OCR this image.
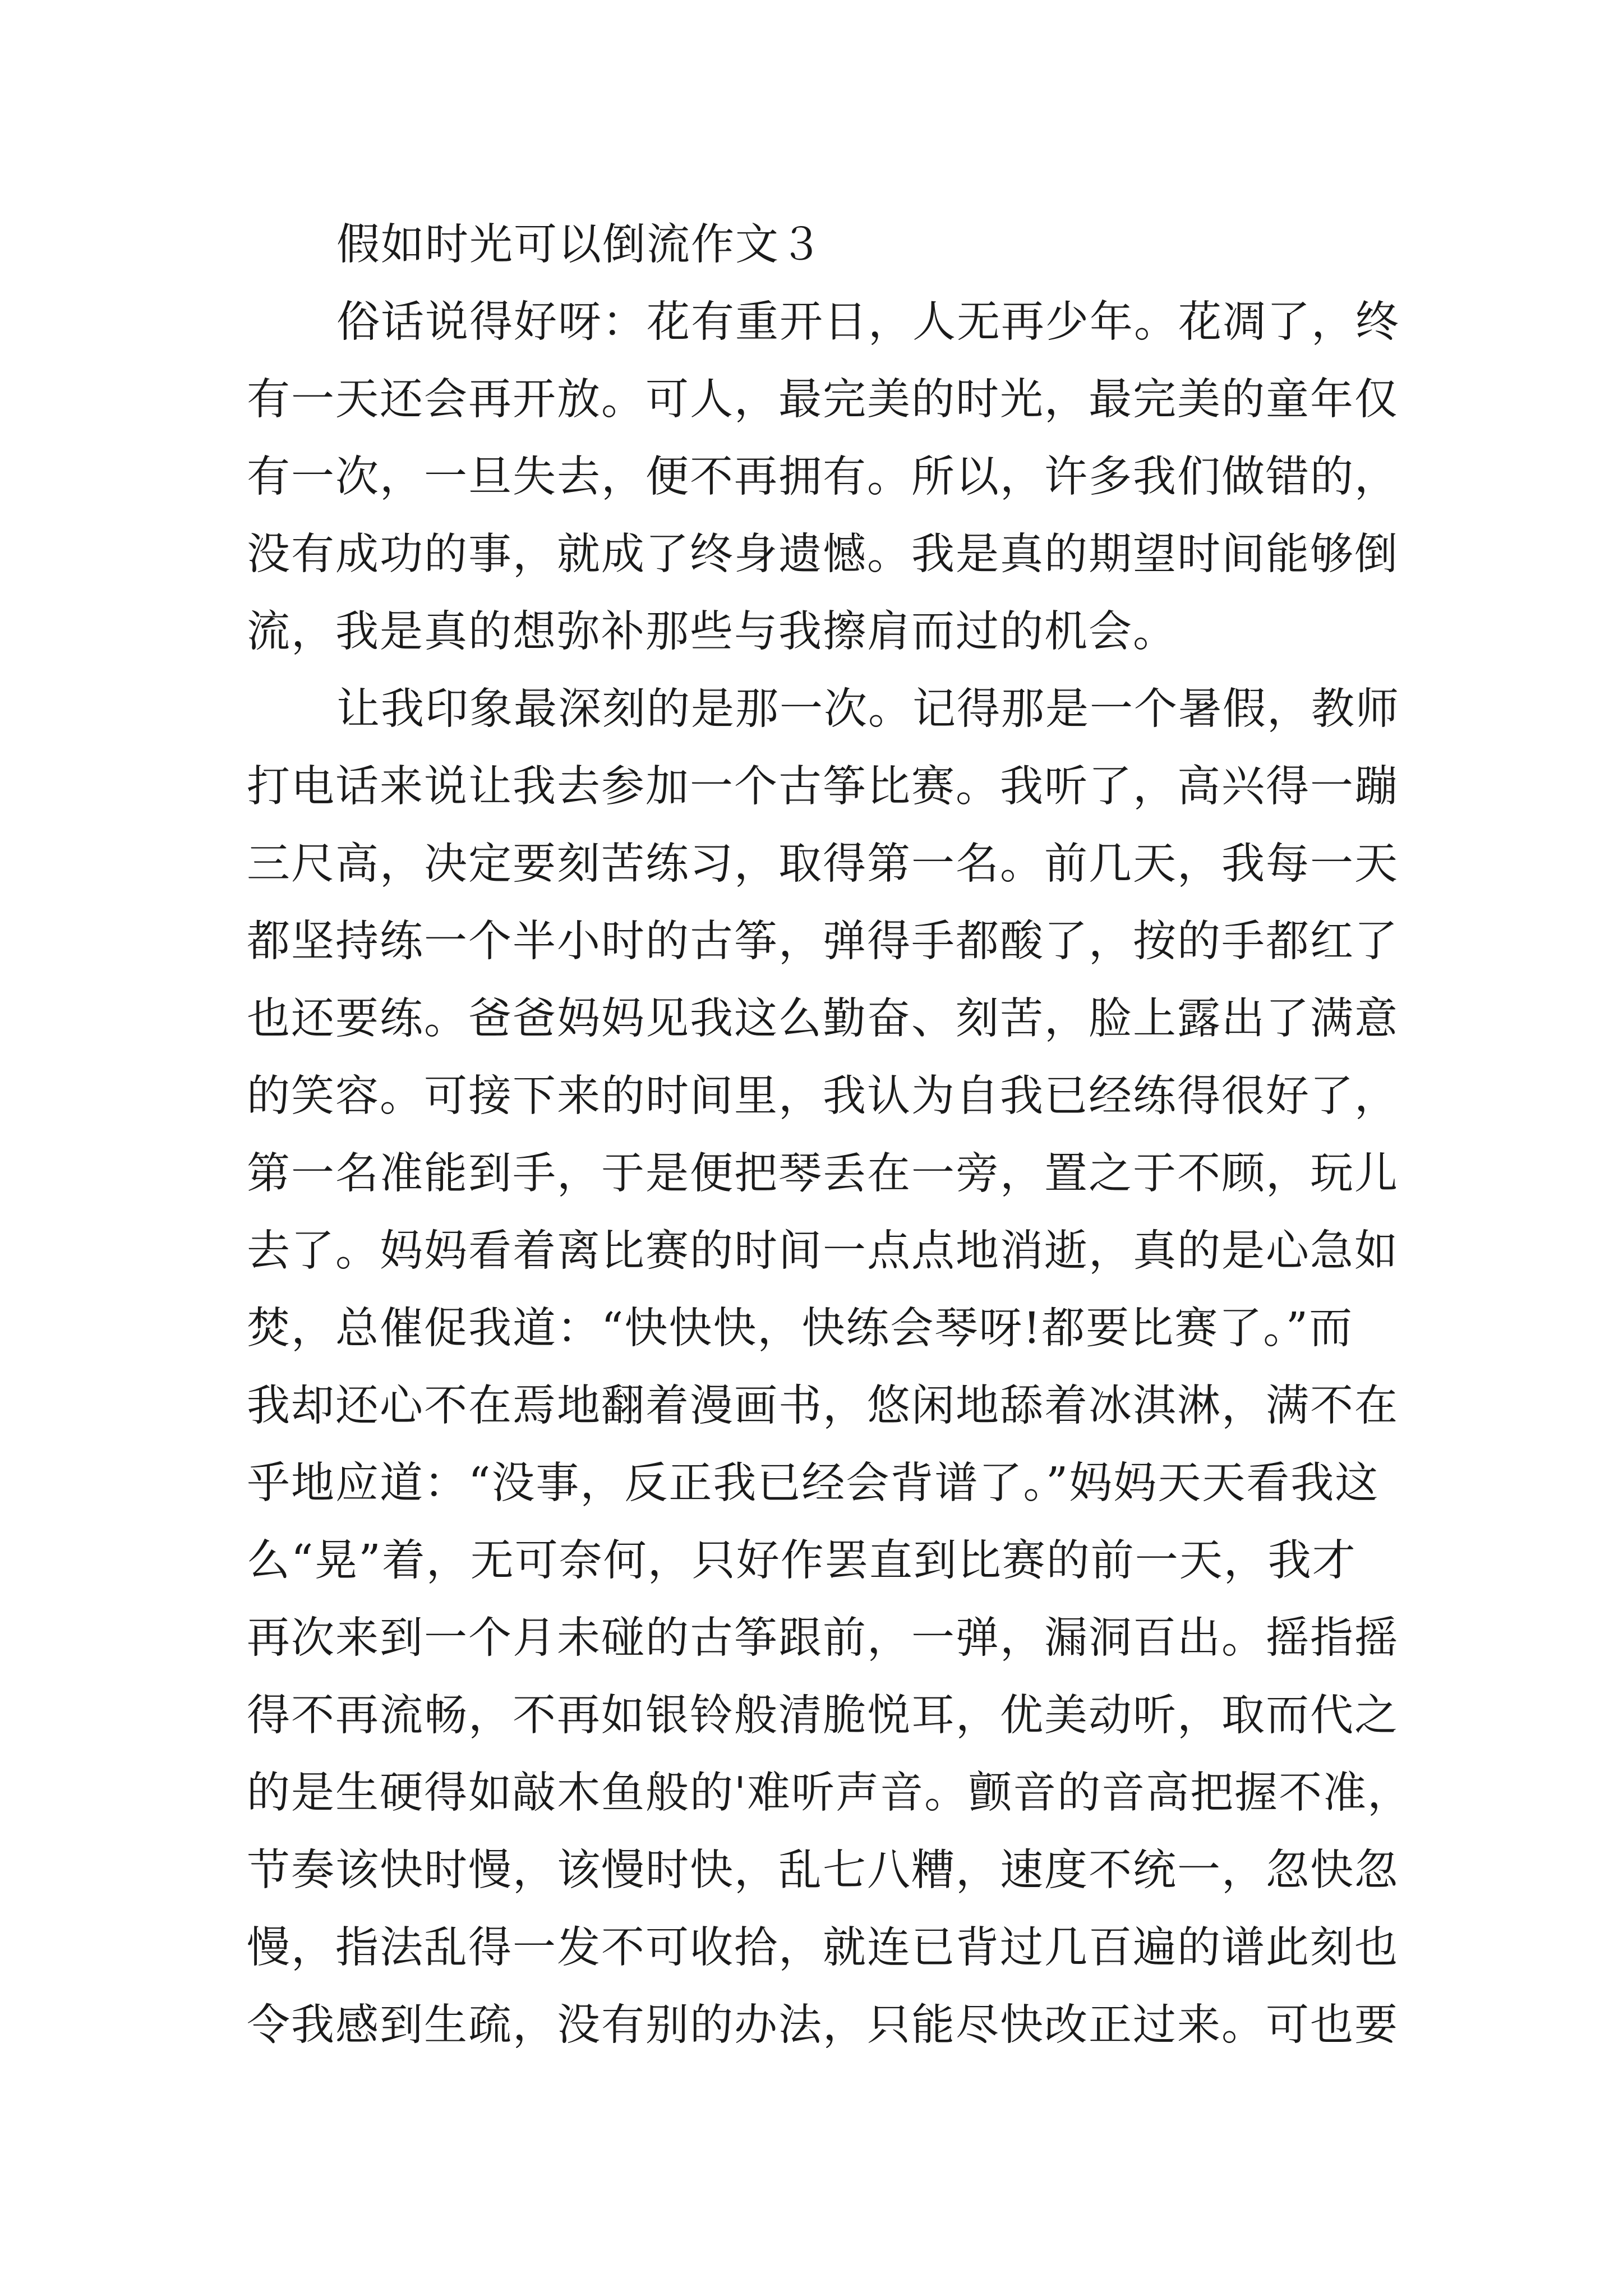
假如时光可以倒流作文３
俗话说得好呀：花有重开日，人无再少年。花凋了，终
有一天还会再开放。可人，最完美的时光，最完美的童年仅
有一次，一旦失去，便不再拥有。所以，许多我们做错的，
没有成功的事，就成了终身遗憾。我是真的期望时间能够倒
流，我是真的想弥补那些与我擦肩而过的机会。
让我印象最深刻的是那一次。记得那是一个暑假，教师
打电话来说让我去参加一个古筝比赛。我听了，高兴得一蹦
三尺高，决定要刻苦练习，取得第一名。前几天，我每一天
都坚持练一个半小时的古筝，弹得手都酸了，按的手都红了
也还要练。爸爸妈妈见我这么勤奋、刻苦，脸上露出了满意
的笑容。可接下来的时间里，我认为自我已经练得很好了，
第一名准能到手，于是便把琴丢在一旁，置之于不顾，玩儿
去了。妈妈看着离比赛的时间一点点地消逝，真的是心急如
焚，总催促我道：“快快快，快练会琴呀!都要比赛了。”而
我却还心不在焉地翻着漫画书，悠闲地舔着冰淇淋，满不在
乎地应道：“没事，反正我已经会背谱了。”妈妈天天看我这
么“晃”着，无可奈何，只好作罢直到比赛的前一天，我才
再次来到一个月未碰的古筝跟前，一弹，漏洞百出。摇指摇
得不再流畅，不再如银铃般清脆悦耳，优美动听，取而代之
的是生硬得如敲木鱼般的'难听声音。颤音的音高把握不准，
节奏该快时慢，该慢时快，乱七八糟，速度不统一，忽快忽
慢，指法乱得一发不可收拾，就连已背过几百遍的谱此刻也
令我感到生疏，没有别的办法，只能尽快改正过来。可也要
